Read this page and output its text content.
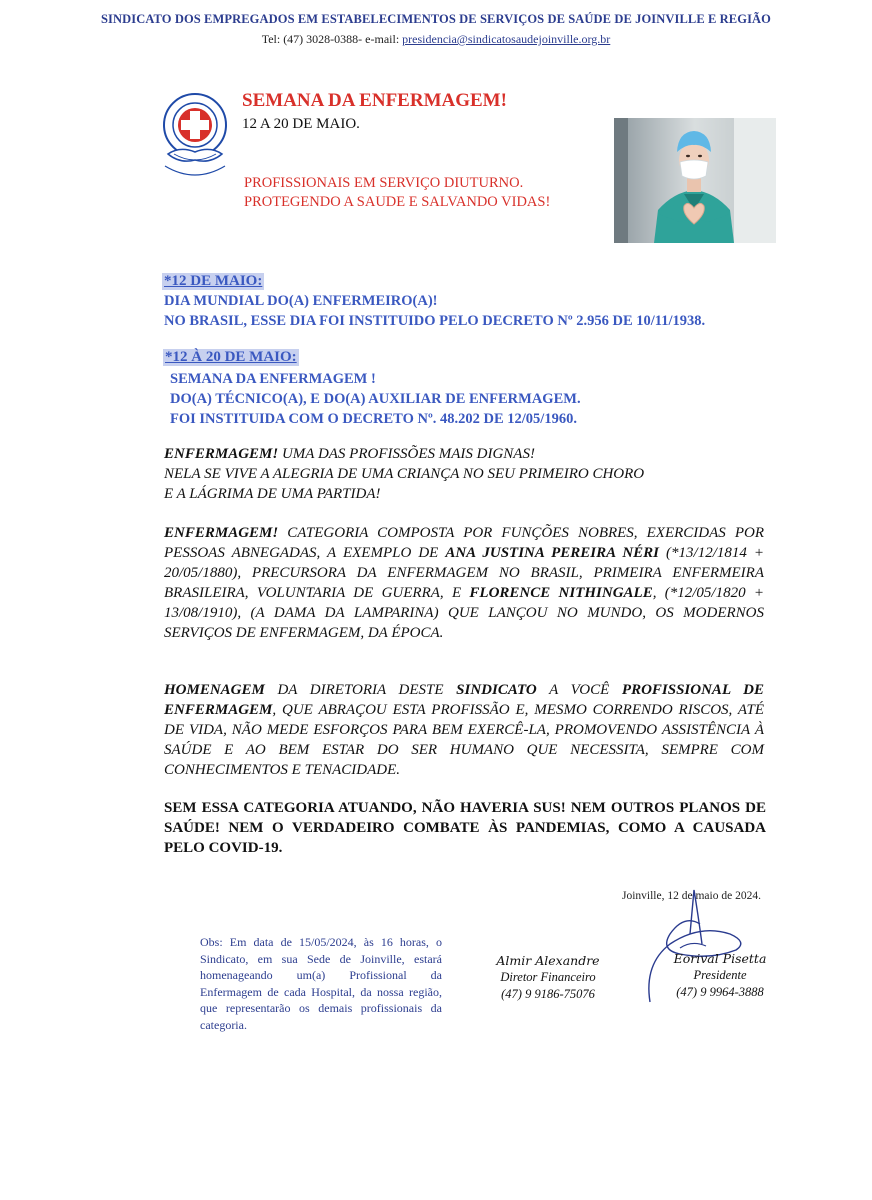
SINDICATO DOS EMPREGADOS EM ESTABELECIMENTOS DE SERVIÇOS DE SAÚDE DE JOINVILLE E REGIÃO
Tel: (47) 3028-0388- e-mail: presidencia@sindicatosaudejoinville.org.br
SEMANA DA ENFERMAGEM!
12 A 20 DE MAIO.
PROFISSIONAIS EM SERVIÇO DIUTURNO.
PROTEGENDO A SAUDE E SALVANDO VIDAS!
*12 DE MAIO:
DIA MUNDIAL DO(A) ENFERMEIRO(A)!
NO BRASIL, ESSE DIA FOI INSTITUIDO PELO DECRETO Nº 2.956 DE 10/11/1938.
*12 À 20 DE MAIO:
SEMANA DA ENFERMAGEM !
DO(A) TÉCNICO(A), E DO(A) AUXILIAR DE ENFERMAGEM.
FOI INSTITUIDA COM O DECRETO Nº. 48.202 DE 12/05/1960.
ENFERMAGEM! UMA DAS PROFISSÕES MAIS DIGNAS!
NELA SE VIVE A ALEGRIA DE UMA CRIANÇA NO SEU PRIMEIRO CHORO
E A LÁGRIMA DE UMA PARTIDA!
ENFERMAGEM! CATEGORIA COMPOSTA POR FUNÇÕES NOBRES, EXERCIDAS POR PESSOAS ABNEGADAS, A EXEMPLO DE ANA JUSTINA PEREIRA NÉRI (*13/12/1814 + 20/05/1880), PRECURSORA DA ENFERMAGEM NO BRASIL, PRIMEIRA ENFERMEIRA BRASILEIRA, VOLUNTARIA DE GUERRA, E FLORENCE NITHINGALE, (*12/05/1820 + 13/08/1910), (A DAMA DA LAMPARINA) QUE LANÇOU NO MUNDO, OS MODERNOS SERVIÇOS DE ENFERMAGEM, DA ÉPOCA.
HOMENAGEM DA DIRETORIA DESTE SINDICATO A VOCÊ PROFISSIONAL DE ENFERMAGEM, QUE ABRAÇOU ESTA PROFISSÃO E, MESMO CORRENDO RISCOS, ATÉ DE VIDA, NÃO MEDE ESFORÇOS PARA BEM EXERCÊ-LA, PROMOVENDO ASSISTÊNCIA À SAÚDE E AO BEM ESTAR DO SER HUMANO QUE NECESSITA, SEMPRE COM CONHECIMENTOS E TENACIDADE.
SEM ESSA CATEGORIA ATUANDO, NÃO HAVERIA SUS! NEM OUTROS PLANOS DE SAÚDE! NEM O VERDADEIRO COMBATE ÀS PANDEMIAS, COMO A CAUSADA PELO COVID-19.
Joinville, 12 de maio de 2024.
Obs: Em data de 15/05/2024, às 16 horas, o Sindicato, em sua Sede de Joinville, estará homenageando um(a) Profissional da Enfermagem de cada Hospital, da nossa região, que representarão os demais profissionais da categoria.
Almir Alexandre
Diretor Financeiro
(47) 9 9186-75076
Eorival Pisetta
Presidente
(47) 9 9964-3888
